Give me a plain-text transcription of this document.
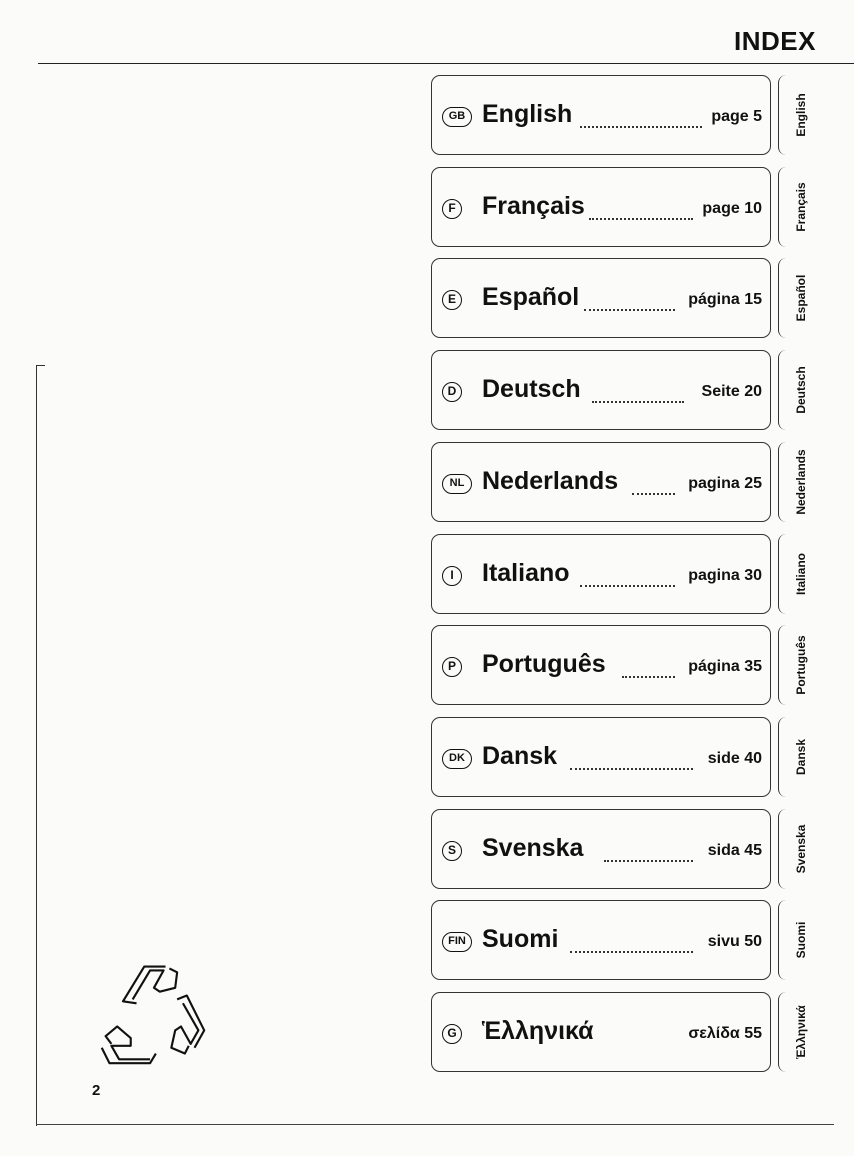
INDEX
GB English	page 5	English
F Français	page 10	Français
E Español	página 15	Español
D Deutsch	Seite 20	Deutsch
NL Nederlands	pagina 25	Nederlands
I	Italiano	pagina 30	Italiano
P Português	página 35	Português
DK Dansk	side 40	Dansk
S Svenska	sida 45	Svenska
FIN Suomi	sivu 50	Suomi
G Ἑλληνικά	σελίδα 55	Ἑλληνικά
2
